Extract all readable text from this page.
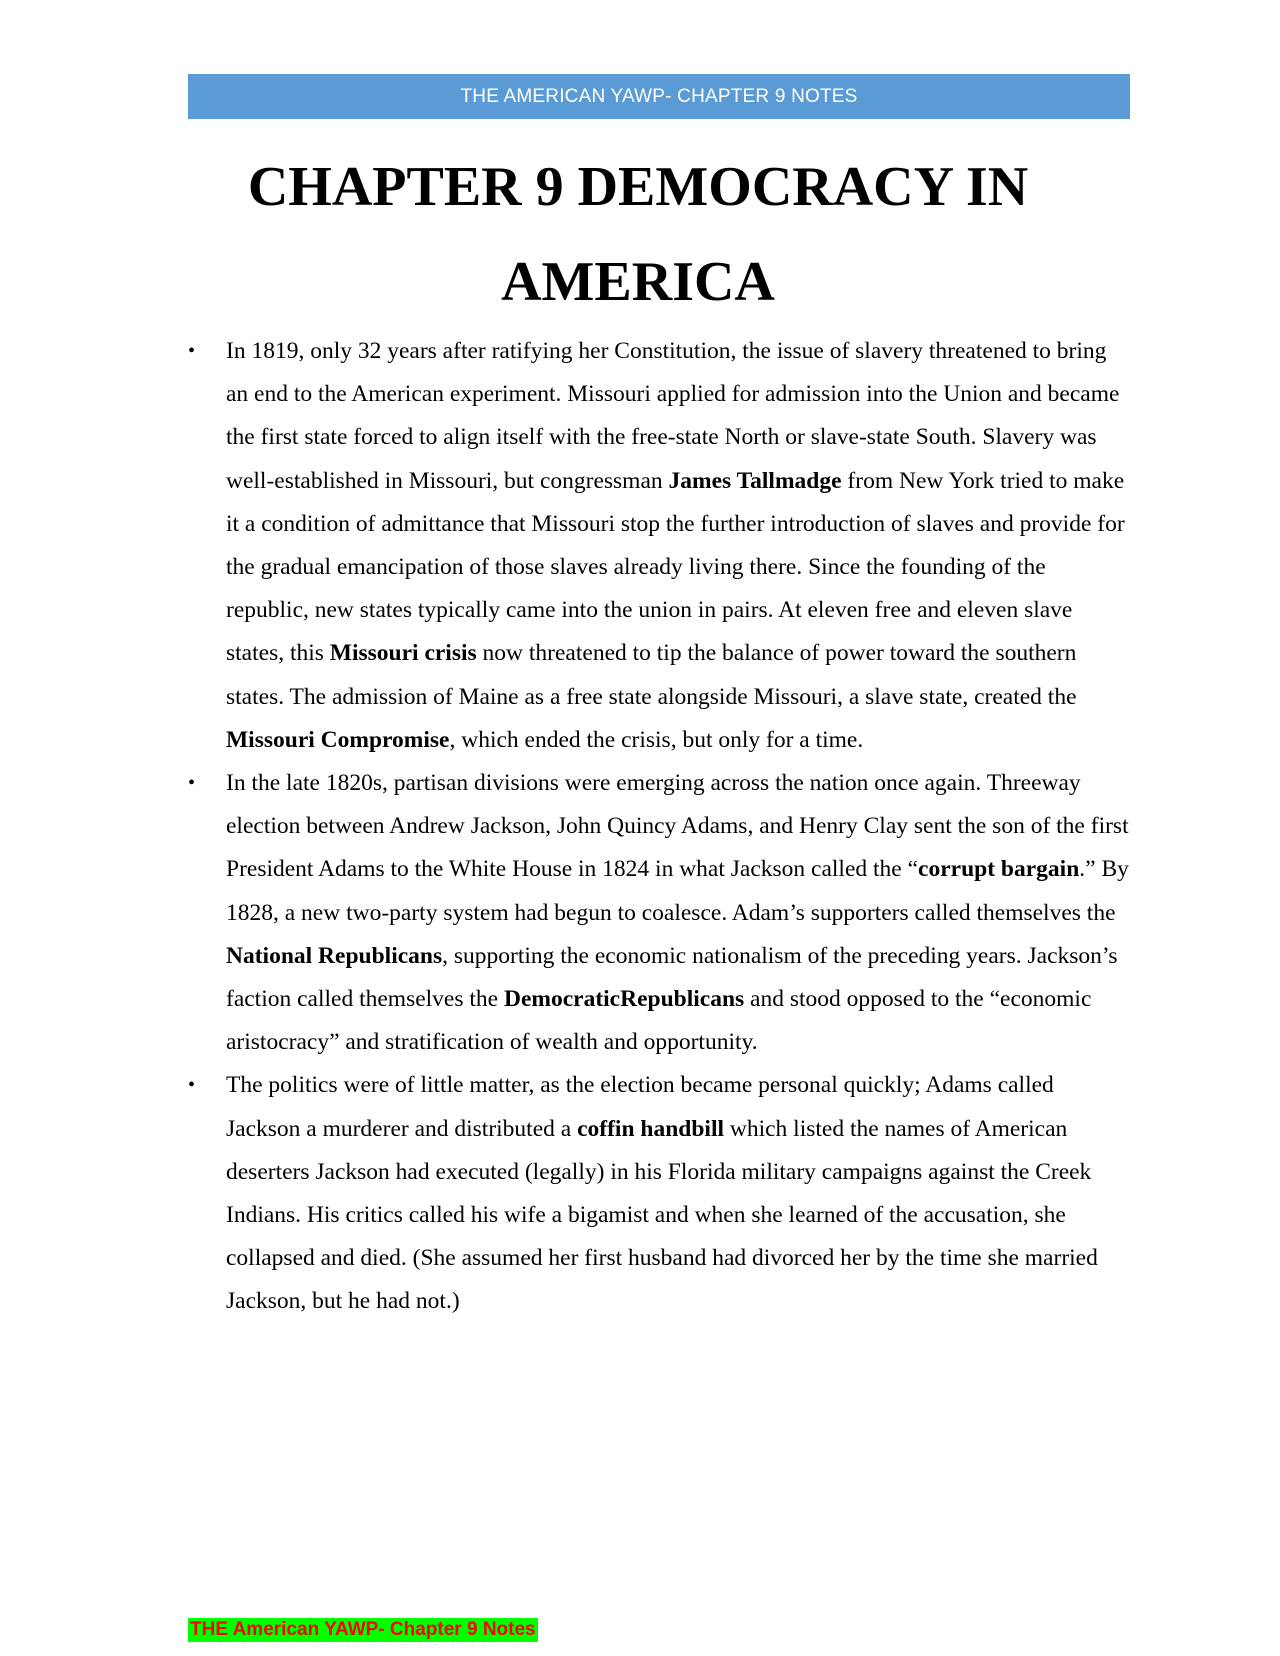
THE AMERICAN YAWP- CHAPTER 9 NOTES
CHAPTER 9 DEMOCRACY IN AMERICA
• In 1819, only 32 years after ratifying her Constitution, the issue of slavery threatened to bring an end to the American experiment. Missouri applied for admission into the Union and became the first state forced to align itself with the free-state North or slave-state South. Slavery was well-established in Missouri, but congressman James Tallmadge from New York tried to make it a condition of admittance that Missouri stop the further introduction of slaves and provide for the gradual emancipation of those slaves already living there. Since the founding of the republic, new states typically came into the union in pairs. At eleven free and eleven slave states, this Missouri crisis now threatened to tip the balance of power toward the southern states. The admission of Maine as a free state alongside Missouri, a slave state, created the Missouri Compromise, which ended the crisis, but only for a time.
• In the late 1820s, partisan divisions were emerging across the nation once again. Threeway election between Andrew Jackson, John Quincy Adams, and Henry Clay sent the son of the first President Adams to the White House in 1824 in what Jackson called the “corrupt bargain.” By 1828, a new two-party system had begun to coalesce. Adam’s supporters called themselves the National Republicans, supporting the economic nationalism of the preceding years. Jackson’s faction called themselves the DemocraticRepublicans and stood opposed to the “economic aristocracy” and stratification of wealth and opportunity.
• The politics were of little matter, as the election became personal quickly; Adams called Jackson a murderer and distributed a coffin handbill which listed the names of American deserters Jackson had executed (legally) in his Florida military campaigns against the Creek Indians. His critics called his wife a bigamist and when she learned of the accusation, she collapsed and died. (She assumed her first husband had divorced her by the time she married Jackson, but he had not.)
THE American YAWP- Chapter 9 Notes
